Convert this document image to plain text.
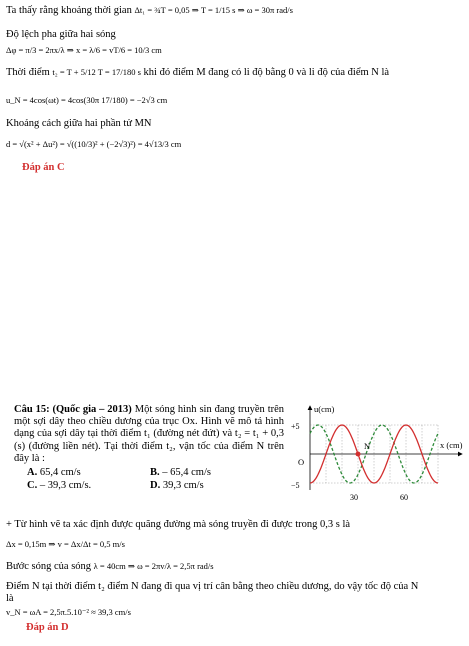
Ta thấy rằng khoảng thời gian Δt₁ = ¾T = 0,05 ⇒ T = 1/15 s ⇒ ω = 30π rad/s
Độ lệch pha giữa hai sóng
Δφ = π/3 = 2πx/λ ⇒ x = λ/6 = vT/6 = 10/3 cm
Thời điểm t₂ = T + 5/12 T = 17/180 s khi đó điểm M đang có li độ bằng 0 và li độ của điểm N là
u_N = 4cos(ωt) = 4cos(30π 17/180) = −2√3 cm
Khoảng cách giữa hai phần tử MN
d = √(x² + Δu²) = √((10/3)² + (−2√3)²) = 4√13/3 cm
Đáp án C
Câu 15: (Quốc gia – 2013) Một sóng hình sin đang truyền trên một sợi dây theo chiều dương của trục Ox. Hình vẽ mô tả hình dạng của sợi dây tại thời điểm t₁ (đường nét đứt) và t₂ = t₁ + 0,3 (s) (đường liền nét). Tại thời điểm t₂, vận tốc của điểm N trên đây là :
A. 65,4 cm/s	B. – 65,4 cm/s
C. – 39,3 cm/s.	D. 39,3 cm/s
u(cm)
x (cm)
+5
−5
O
N
30	60
+ Từ hình vẽ ta xác định được quãng đường mà sóng truyền đi được trong 0,3 s là
Δx = 0,15m ⇒ v = Δx/Δt = 0,5 m/s
Bước sóng của sóng λ = 40cm ⇒ ω = 2πv/λ = 2,5π rad/s
Điểm N tại thời điểm t₂ điểm N đang đi qua vị trí cân bằng theo chiều dương, do vậy tốc độ của N
là
v_N = ωA = 2,5π.5.10⁻² ≈ 39,3 cm/s
Đáp án D
